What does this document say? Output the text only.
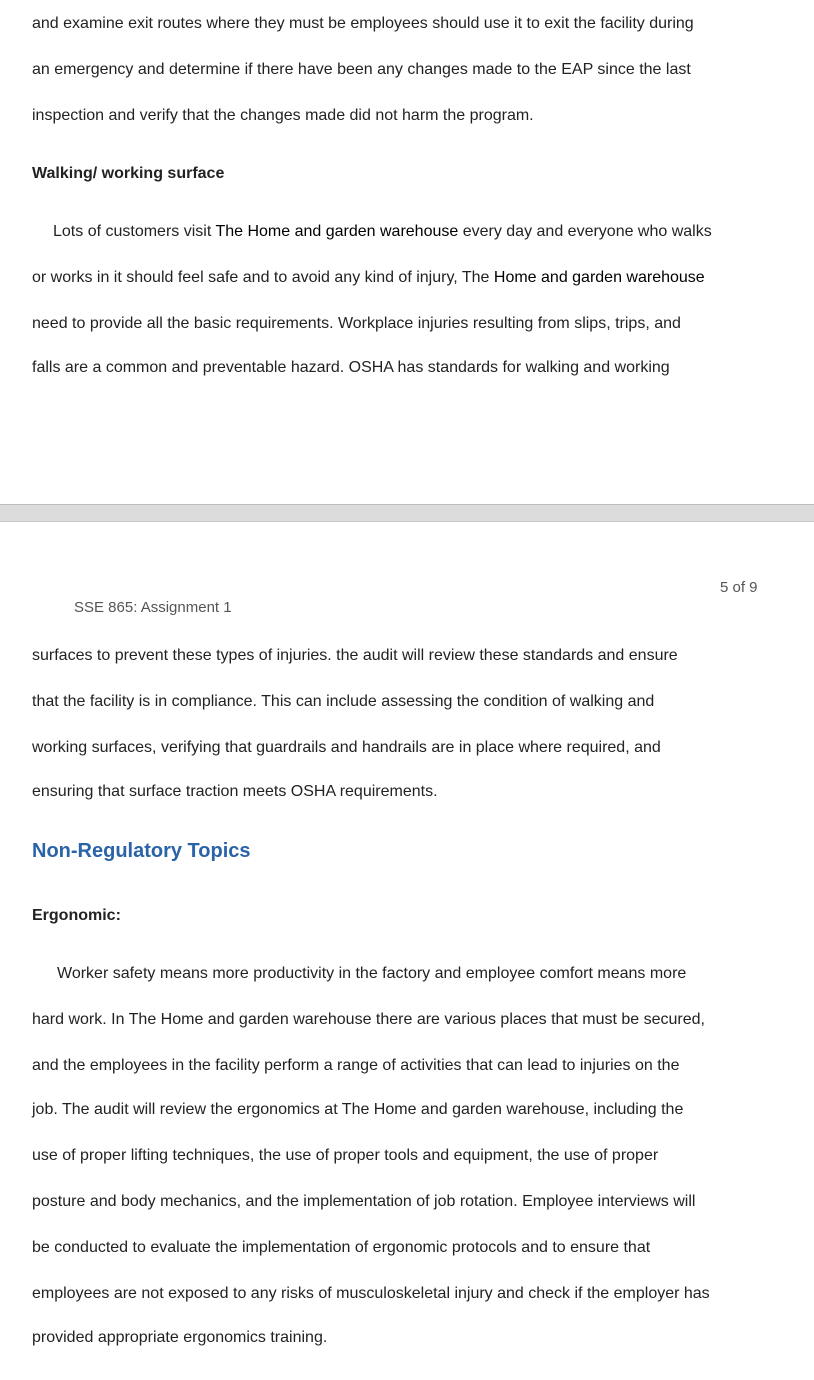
and examine exit routes where they must be employees should use it to exit the facility during
an emergency and determine if there have been any changes made to the EAP since the last
inspection and verify that the changes made did not harm the program.
Walking/ working surface
Lots of customers visit The Home and garden warehouse every day and everyone who walks
or works in it should feel safe and to avoid any kind of injury, The Home and garden warehouse
need to provide all the basic requirements. Workplace injuries resulting from slips, trips, and
falls are a common and preventable hazard. OSHA has standards for walking and working
5 of 9
SSE 865: Assignment 1
surfaces to prevent these types of injuries. the audit will review these standards and ensure
that the facility is in compliance. This can include assessing the condition of walking and
working surfaces, verifying that guardrails and handrails are in place where required, and
ensuring that surface traction meets OSHA requirements.
Non-Regulatory Topics
Ergonomic:
Worker safety means more productivity in the factory and employee comfort means more
hard work. In The Home and garden warehouse there are various places that must be secured,
and the employees in the facility perform a range of activities that can lead to injuries on the
job. The audit will review the ergonomics at The Home and garden warehouse, including the
use of proper lifting techniques, the use of proper tools and equipment, the use of proper
posture and body mechanics, and the implementation of job rotation. Employee interviews will
be conducted to evaluate the implementation of ergonomic protocols and to ensure that
employees are not exposed to any risks of musculoskeletal injury and check if the employer has
provided appropriate ergonomics training.
